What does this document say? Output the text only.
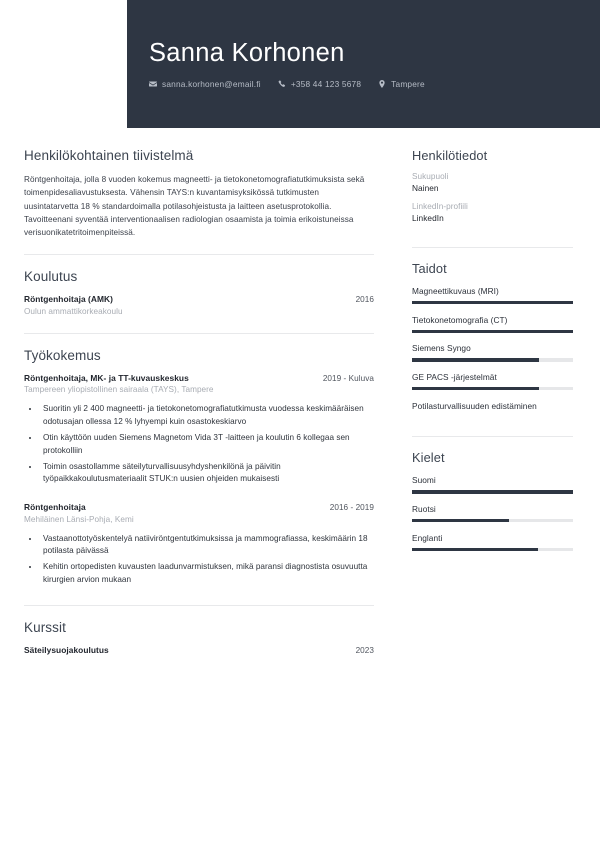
Sanna Korhonen
sanna.korhonen@email.fi	+358 44 123 5678	Tampere
Henkilökohtainen tiivistelmä
Röntgenhoitaja, jolla 8 vuoden kokemus magneetti- ja tietokonetomografiatutkimuksista sekä toimenpidesaliavustuksesta. Vähensin TAYS:n kuvantamisyksikössä tutkimusten uusintatarvetta 18 % standardoimalla potilasohjeistusta ja laitteen asetusprotokollia. Tavoitteenani syventää interventionaalisen radiologian osaamista ja toimia erikoistuneissa verisuonikatetritoimenpiteissä.
Koulutus
Röntgenhoitaja (AMK)	2016
Oulun ammattikorkeakoulu
Työkokemus
Röntgenhoitaja, MK- ja TT-kuvauskeskus	2019 - Kuluva
Tampereen yliopistollinen sairaala (TAYS), Tampere
• Suoritin yli 2 400 magneetti- ja tietokonetomografiatutkimusta vuodessa keskimääräisen odotusajan ollessa 12 % lyhyempi kuin osastokeskiarvo
• Otin käyttöön uuden Siemens Magnetom Vida 3T -laitteen ja koulutin 6 kollegaa sen protokolliin
• Toimin osastollamme säteilyturvallisuusyhdyshenkilönä ja päivitin työpaikkakoulutusmateriaalit STUK:n uusien ohjeiden mukaisesti
Röntgenhoitaja	2016 - 2019
Mehiläinen Länsi-Pohja, Kemi
• Vastaanottotyöskentelyä natiiviröntgentutkimuksissa ja mammografiassa, keskimäärin 18 potilasta päivässä
• Kehitin ortopedisten kuvausten laadunvarmistuksen, mikä paransi diagnostista osuvuutta kirurgien arvion mukaan
Kurssit
Säteilysuojakoulutus	2023
Henkilötiedot
Sukupuoli
Nainen
LinkedIn-profiili
LinkedIn
Taidot
Magneettikuvaus (MRI)
Tietokonetomografia (CT)
Siemens Syngo
GE PACS -järjestelmät
Potilasturvallisuuden edistäminen
Kielet
Suomi
Ruotsi
Englanti
